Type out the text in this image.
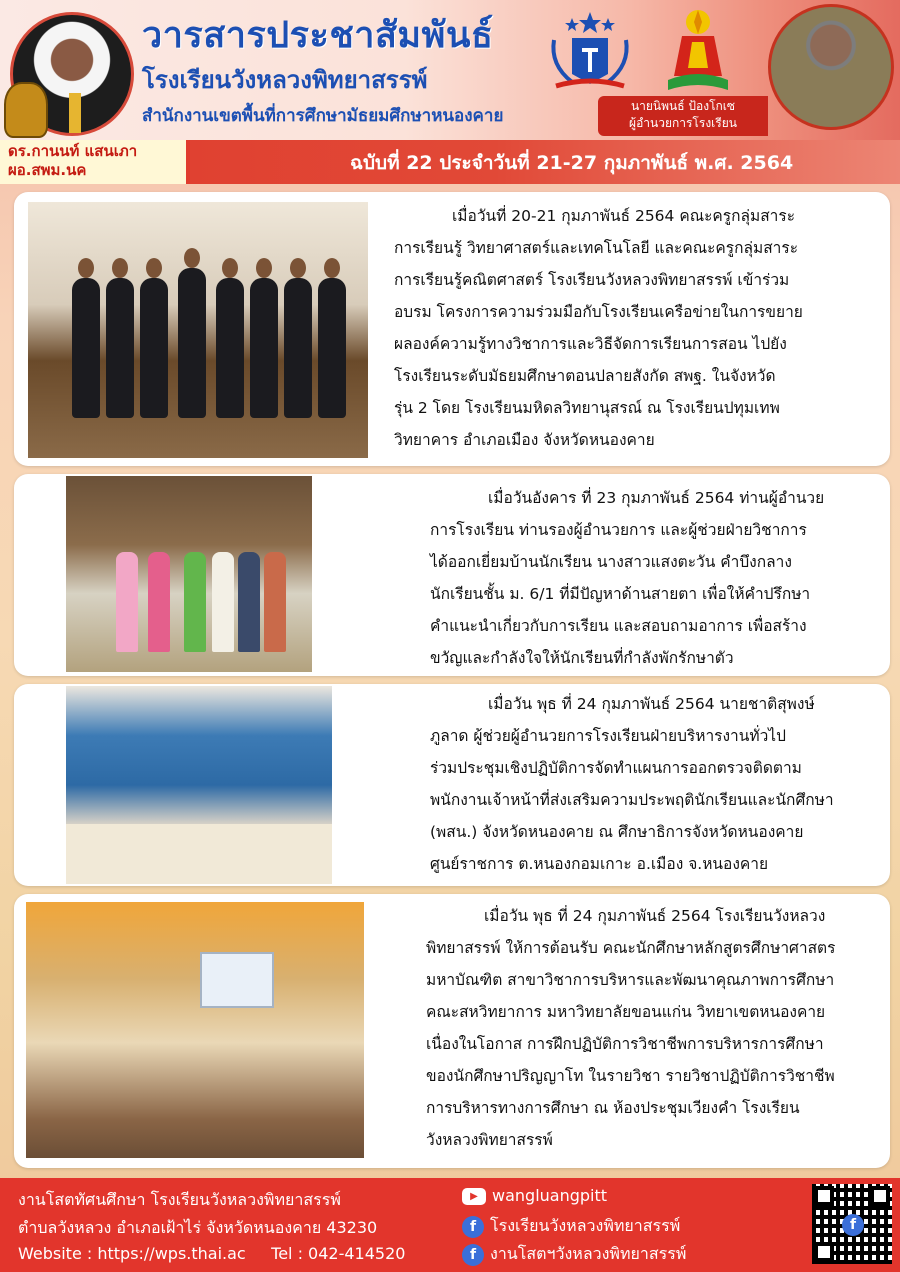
วารสารประชาสัมพันธ์
โรงเรียนวังหลวงพิทยาสรรพ์
สำนักงานเขตพื้นที่การศึกษามัธยมศึกษาหนองคาย	นายนิพนธ์ ป้องโกเซ
ผู้อำนวยการโรงเรียน
ดร.กานนท์ แสนเภา
ผอ.สพม.นค	ฉบับที่ 22 ประจำวันที่ 21-27 กุมภาพันธ์ พ.ศ. 2564
เมื่อวันที่ 20-21 กุมภาพันธ์ 2564 คณะครูกลุ่มสาระ
การเรียนรู้ วิทยาศาสตร์และเทคโนโลยี และคณะครูกลุ่มสาระ
การเรียนรู้คณิตศาสตร์ โรงเรียนวังหลวงพิทยาสรรพ์ เข้าร่วม
อบรม โครงการความร่วมมือกับโรงเรียนเครือข่ายในการขยาย
ผลองค์ความรู้ทางวิชาการและวิธีจัดการเรียนการสอน ไปยัง
โรงเรียนระดับมัธยมศึกษาตอนปลายสังกัด สพฐ. ในจังหวัด
รุ่น 2 โดย โรงเรียนมหิดลวิทยานุสรณ์ ณ โรงเรียนปทุมเทพ
วิทยาคาร อำเภอเมือง จังหวัดหนองคาย
เมื่อวันอังคาร ที่ 23 กุมภาพันธ์ 2564 ท่านผู้อำนวย
การโรงเรียน ท่านรองผู้อำนวยการ และผู้ช่วยฝ่ายวิชาการ
ได้ออกเยี่ยมบ้านนักเรียน นางสาวแสงตะวัน คำบึงกลาง
นักเรียนชั้น ม. 6/1 ที่มีปัญหาด้านสายตา เพื่อให้คำปรึกษา
คำแนะนำเกี่ยวกับการเรียน และสอบถามอาการ เพื่อสร้าง
ขวัญและกำลังใจให้นักเรียนที่กำลังพักรักษาตัว
เมื่อวัน พุธ ที่ 24 กุมภาพันธ์ 2564 นายชาติสุพงษ์
ภูลาด ผู้ช่วยผู้อำนวยการโรงเรียนฝ่ายบริหารงานทั่วไป
ร่วมประชุมเชิงปฏิบัติการจัดทำแผนการออกตรวจติดตาม
พนักงานเจ้าหน้าที่ส่งเสริมความประพฤตินักเรียนและนักศึกษา
(พสน.) จังหวัดหนองคาย ณ ศึกษาธิการจังหวัดหนองคาย
ศูนย์ราชการ ต.หนองกอมเกาะ อ.เมือง จ.หนองคาย
เมื่อวัน พุธ ที่ 24 กุมภาพันธ์ 2564 โรงเรียนวังหลวง
พิทยาสรรพ์ ให้การต้อนรับ คณะนักศึกษาหลักสูตรศึกษาศาสตร
มหาบัณฑิต สาขาวิชาการบริหารและพัฒนาคุณภาพการศึกษา
คณะสหวิทยาการ มหาวิทยาลัยขอนแก่น วิทยาเขตหนองคาย
เนื่องในโอกาส การฝึกปฏิบัติการวิชาชีพการบริหารการศึกษา
ของนักศึกษาปริญญาโท ในรายวิชา รายวิชาปฏิบัติการวิชาชีพ
การบริหารทางการศึกษา ณ ห้องประชุมเวียงคำ โรงเรียน
วังหลวงพิทยาสรรพ์
งานโสตทัศนศึกษา โรงเรียนวังหลวงพิทยาสรรพ์
ตำบลวังหลวง อำเภอเฝ้าไร่ จังหวัดหนองคาย 43230
Website : https://wps.thai.ac     Tel : 042-414520
▶ wangluangpitt
f โรงเรียนวังหลวงพิทยาสรรพ์
f งานโสตฯวังหลวงพิทยาสรรพ์
f
